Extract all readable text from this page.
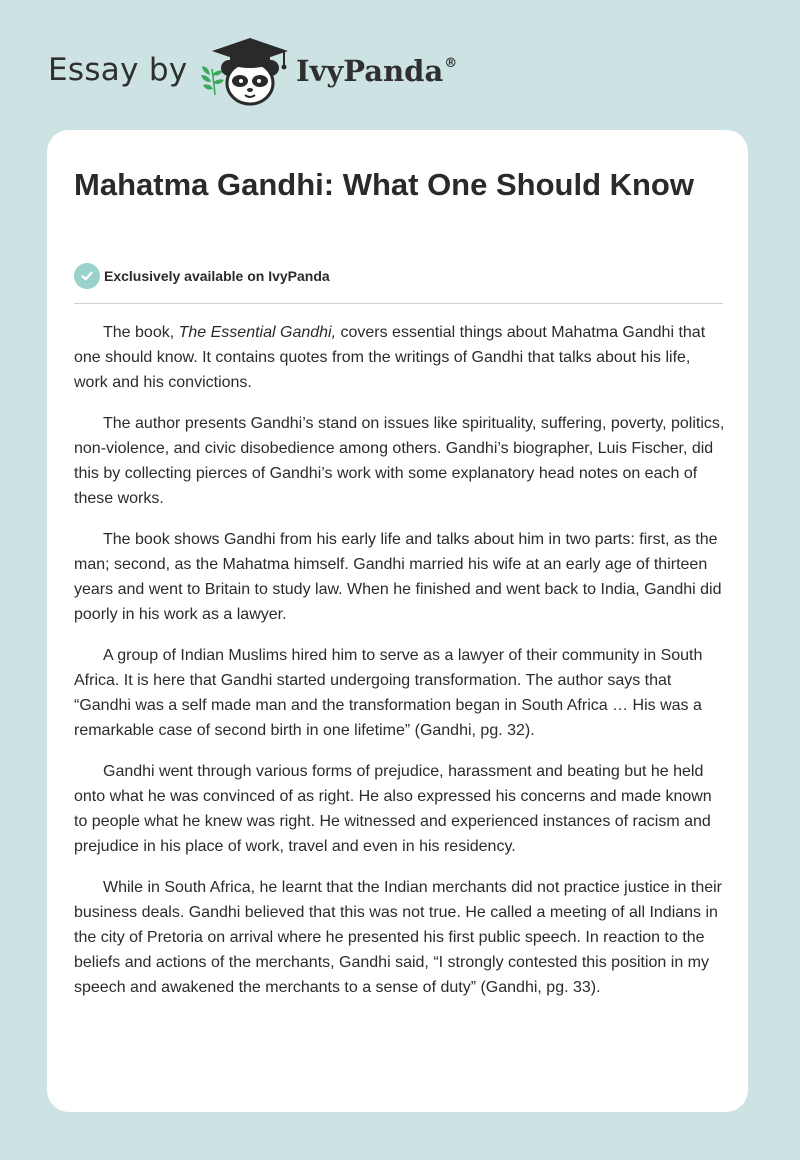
Essay by	IvyPanda®
Mahatma Gandhi: What One Should Know
Exclusively available on IvyPanda

The book, The Essential Gandhi, covers essential things about Mahatma Gandhi that one should know. It contains quotes from the writings of Gandhi that talks about his life, work and his convictions.

The author presents Gandhi’s stand on issues like spirituality, suffering, poverty, politics, non-violence, and civic disobedience among others. Gandhi’s biographer, Luis Fischer, did this by collecting pierces of Gandhi’s work with some explanatory head notes on each of these works.

The book shows Gandhi from his early life and talks about him in two parts: first, as the man; second, as the Mahatma himself. Gandhi married his wife at an early age of thirteen years and went to Britain to study law. When he finished and went back to India, Gandhi did poorly in his work as a lawyer.

A group of Indian Muslims hired him to serve as a lawyer of their community in South Africa. It is here that Gandhi started undergoing transformation. The author says that “Gandhi was a self made man and the transformation began in South Africa … His was a remarkable case of second birth in one lifetime” (Gandhi, pg. 32).

Gandhi went through various forms of prejudice, harassment and beating but he held onto what he was convinced of as right. He also expressed his concerns and made known to people what he knew was right. He witnessed and experienced instances of racism and prejudice in his place of work, travel and even in his residency.

While in South Africa, he learnt that the Indian merchants did not practice justice in their business deals. Gandhi believed that this was not true. He called a meeting of all Indians in the city of Pretoria on arrival where he presented his first public speech. In reaction to the beliefs and actions of the merchants, Gandhi said, “I strongly contested this position in my speech and awakened the merchants to a sense of duty” (Gandhi, pg. 33).
